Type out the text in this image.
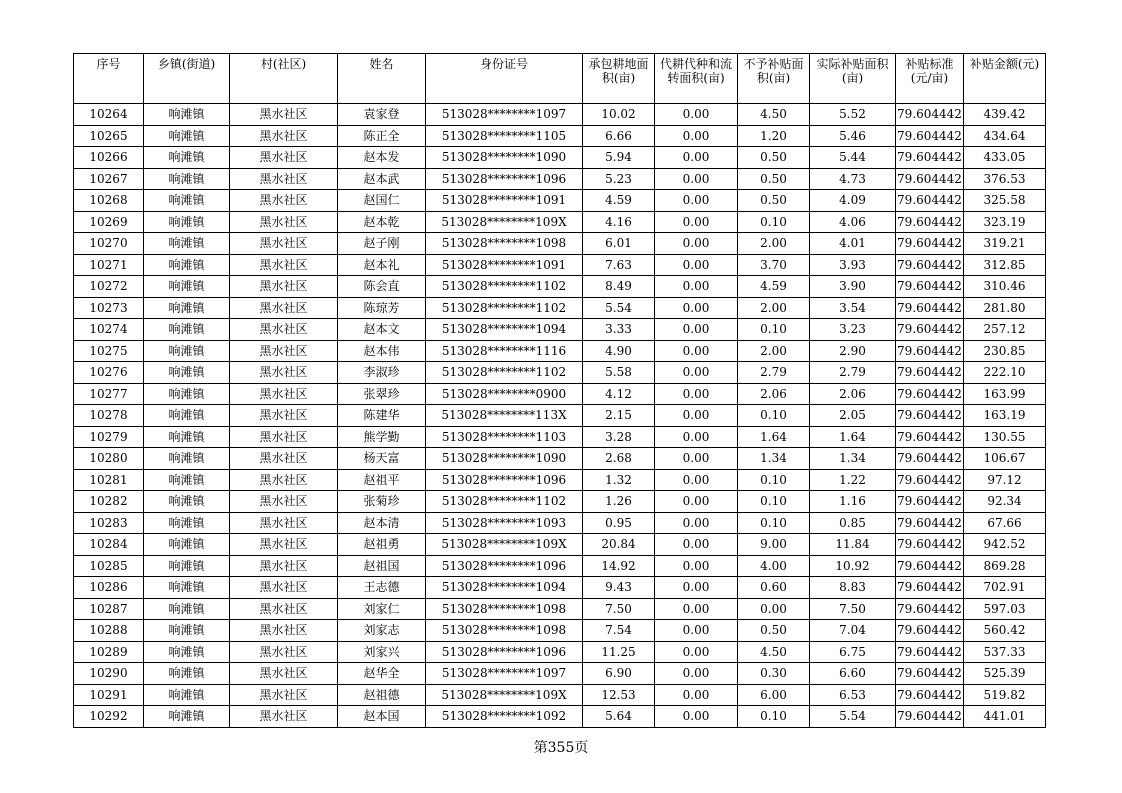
序号	乡镇(街道)	村(社区)	姓名	身份证号	承包耕地面积(亩)	代耕代种和流转面积(亩)	不予补贴面积(亩)	实际补贴面积(亩)	补贴标准(元/亩)	补贴金额(元)
10264	响滩镇	黑水社区	袁家登	513028********1097	10.02	0.00	4.50	5.52	79.604442	439.42
10265	响滩镇	黑水社区	陈正全	513028********1105	6.66	0.00	1.20	5.46	79.604442	434.64
10266	响滩镇	黑水社区	赵本发	513028********1090	5.94	0.00	0.50	5.44	79.604442	433.05
10267	响滩镇	黑水社区	赵本武	513028********1096	5.23	0.00	0.50	4.73	79.604442	376.53
10268	响滩镇	黑水社区	赵国仁	513028********1091	4.59	0.00	0.50	4.09	79.604442	325.58
10269	响滩镇	黑水社区	赵本乾	513028********109X	4.16	0.00	0.10	4.06	79.604442	323.19
10270	响滩镇	黑水社区	赵子刚	513028********1098	6.01	0.00	2.00	4.01	79.604442	319.21
10271	响滩镇	黑水社区	赵本礼	513028********1091	7.63	0.00	3.70	3.93	79.604442	312.85
10272	响滩镇	黑水社区	陈会直	513028********1102	8.49	0.00	4.59	3.90	79.604442	310.46
10273	响滩镇	黑水社区	陈琼芳	513028********1102	5.54	0.00	2.00	3.54	79.604442	281.80
10274	响滩镇	黑水社区	赵本文	513028********1094	3.33	0.00	0.10	3.23	79.604442	257.12
10275	响滩镇	黑水社区	赵本伟	513028********1116	4.90	0.00	2.00	2.90	79.604442	230.85
10276	响滩镇	黑水社区	李淑珍	513028********1102	5.58	0.00	2.79	2.79	79.604442	222.10
10277	响滩镇	黑水社区	张翠珍	513028********0900	4.12	0.00	2.06	2.06	79.604442	163.99
10278	响滩镇	黑水社区	陈建华	513028********113X	2.15	0.00	0.10	2.05	79.604442	163.19
10279	响滩镇	黑水社区	熊学勤	513028********1103	3.28	0.00	1.64	1.64	79.604442	130.55
10280	响滩镇	黑水社区	杨天富	513028********1090	2.68	0.00	1.34	1.34	79.604442	106.67
10281	响滩镇	黑水社区	赵祖平	513028********1096	1.32	0.00	0.10	1.22	79.604442	97.12
10282	响滩镇	黑水社区	张菊珍	513028********1102	1.26	0.00	0.10	1.16	79.604442	92.34
10283	响滩镇	黑水社区	赵本清	513028********1093	0.95	0.00	0.10	0.85	79.604442	67.66
10284	响滩镇	黑水社区	赵祖勇	513028********109X	20.84	0.00	9.00	11.84	79.604442	942.52
10285	响滩镇	黑水社区	赵祖国	513028********1096	14.92	0.00	4.00	10.92	79.604442	869.28
10286	响滩镇	黑水社区	王志德	513028********1094	9.43	0.00	0.60	8.83	79.604442	702.91
10287	响滩镇	黑水社区	刘家仁	513028********1098	7.50	0.00	0.00	7.50	79.604442	597.03
10288	响滩镇	黑水社区	刘家志	513028********1098	7.54	0.00	0.50	7.04	79.604442	560.42
10289	响滩镇	黑水社区	刘家兴	513028********1096	11.25	0.00	4.50	6.75	79.604442	537.33
10290	响滩镇	黑水社区	赵华全	513028********1097	6.90	0.00	0.30	6.60	79.604442	525.39
10291	响滩镇	黑水社区	赵祖德	513028********109X	12.53	0.00	6.00	6.53	79.604442	519.82
10292	响滩镇	黑水社区	赵本国	513028********1092	5.64	0.00	0.10	5.54	79.604442	441.01
第355页
